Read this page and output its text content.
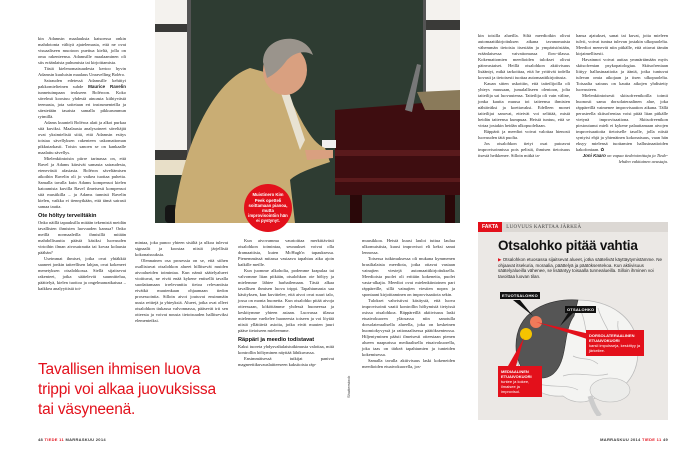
kin Adamsin maalauksia katsoessa onkin mahdotonta välttyä ajatelemasta, että ne ovat visuaaliseen muotoon puettua kieltä, jolla on oma rakenteensa. Adamsille maalaaminen oli siis eräänlaista puhumista tai kirjoittamista.

Tästä kielenomaisuudesta kertoo hyvin Adamsin kuuluisin maalaus Unravelling Boléro.

Sairauden edetessä Adamsille kehittyi pakkomielteinen suhde Maurice Ravelin tunnetuimpaan teokseen Boléroon. Koko sävelmä koostuu yhdestä ainoasta kiihtyvästä teemasta, jota soitetaan eri instrumenteilla ja säestetään tasaista samalla pikkurummun rytmillä.

Adams kuunteli Boléroa alati ja alkoi purkaa sitä kuviksi. Maalausta analysoineet säveltäjät ovat yksimielisiä siitä, että Adamsin esitys toistaa sävellyksen rakenteen uskomattoman pikkutarkasti. Toisin sanoen se on kankaalle maalattu sävellys.

Mielenkiintoisin piirre tarinassa on, että Ravel ja Adams kärsivät samasta sairaudesta, etenevästä afasiasta. Boléron säveltämisen aikoihin Ravelin oli jo vaikea tuottaa puhetta. Samalla tavalla kuin Adams kompensoi kielen katoamista kuvilla Ravel ilmeisesti kompensoi sitä musiikilla – ja Adams tunnisti Ravelin kielen, vaikka ei tiennytkään, että tämä sairasti samaa tautia.

Ote höltyy terveiltäkin

Onko näillä tapauksilla mitään tekemistä meidän tavallisten ihmisten luovuuden kanssa? Onko meillä normaaleilla ihmisillä mitään mahdollisuutta päästä käsiksi luovuuden virtoihin ilman aivosairautta tai kovaa kolausta päähän?

Useimmat ihmiset, jotka ovat yhtäkkiä saaneet jonkin taiteellisen lahjan, ovat kokeneet menetyksen otsalohkossa. Siellä sijaitsevat rakenteet, jotka säätelevät suunnittelua, päättelyä, kielen tuottoa ja ongelmanratkaisua – kaikkea analyyttistä toi-

Muistinero Kim Peek opetteli soittamaan pianoa, mutta improvisointiin hän ei pystynyt.

mintaa, joka punoo yhteen sisältä ja ulkoa tulevat signaalit ja koostaa niistä järjellisiä kokonaisuuksia.

Olennainen osa prosessia on se, että siihen osallistuvat otsalohkon alueet hillitsevät muiden aivoalueiden toimintaa. Kun nämä säätelyalueet vioittuvat, ne eivät enää kykene entisellä tavalla suodattamaan irrelevanttia tietoa relevantista eivätkä muutenkaan ohjaamaan tiedon prosessointia. Silloin aivot joutuvat ensimmäin uusia reittejä ja yhteyksiä. Alueet, jotka ovat olleet otsalohkon tiukassa valvonnassa, pääsevät irti sen otteesta ja voivat nousta tietoisuuden hallitseviksi elementeiksi.

Kun aivovamma vaurioittaa merkittävästi otsalohkon toimintaa, seuraukset voivat olla dramaattisia, kuten McHugh'n tapauksessa. Pienemmässä mitassa vastaava tapahtuu aika ajoin kaikille meille.

Kun juomme alkoholia, podemme krapulaa tai valvomme liian pitkään, otsalohkon ote höltyy ja mielemme lähtee harhailemaan. Tästä alkaa tavallisen ihmisen luova trippi. Tapahtumasta saa käsityksen, kun kuvittelee, että aivot ovat suuri talo, jossa on monta huonetta. Kun otsalohko pitää aivoja otteessaan, kököttämme yhdessä huoneessa ja keskitymme yhteen asiaan. Luovassa tilassa mielemme vaeltelee huoneesta toiseen ja voi löytää niistä yllättäviä asioita, jotka eivät muuten juuri pääse tietoiseen mieleemme.

Räppäri ja meedio todistavat

Kaksi tuoreta yhdysvaltalaistutkimusta valottaa, mitä kontrollin höltyminen näyttää lähikuvassa.

Ensimmäisessä tutkijat panivat magneettikuvauslaitteeseen kaksitoista räp-

Shutterstock

muusikkoa. Heistä kuusi lauloi tuttua laulua ulkomuistista, kuusi improvisoi eli keksi sanat lennossa.

Toisessa tutkimuksessa oli mukana kymmenen brasilialaista meediota, jotka ottavat vastaan vainajien viestejä automaattikirjoituksella. Meedioista puolet oli erittäin kokeneita, puolet vasta-alkajia. Meediot ovat mielenkiintoinen pari räppäreille, sillä vainajien viestien nopea ja spontaani kirjoittaminen on improvisaatiota sekin.

Tulokset vahvistivat käsitystä, että luova improvisointi vaatii kontrollin höltymistä tietyissä osissa otsalohkoa. Räppäreillä aktiivisuus laski etuaivokuoren yläosassa niin sanotulla dorsolateraalisella alueella, joka on keskeinen huomiokyvyssä ja rationaalisessa päätöksenteossa. Hiljentyminen päästi ilmeisesti otteestaan pienen alueen naapurissa mediaalisella etuaivokuorella, joka taas on tärkeä tapahtumien ja tunteiden kokemisessa.

Samalla tavalla aktiivisuus laski kokeneiden meedioiden etuaivokuorella, jos-

kin toisilla alueilla. Siltä meediotkin olivat automaattikirjoituksen aikana tavanomaista vähemmän tietoisia itsestään ja ympäristöstään, eräänlaisessa vaivattomassa flow-tilassa. Kokemattomien meedioiden tulokset olivat päinvastaiset. Heillä otsalohkon aktiivisuus lisääntyi, mikä tarkoittaa, että he yrittivät todella kovasti ja tietoisesti tuottaa automaattikirjoitusta.

Kauan sitten uskottiin, että taiteilijoilla oli yhteys muusaan, jumalalliseen olentoon, jolta taiteilija sai luovuutensa. Taiteilija oli vain väline, jonka kautta muusa toi taiteensa ihmisten nähtäväksi ja koettavaksi. Edelleen monet taiteilijat sanovat, etteivät voi selittää, mistä heidän taiteensa kumpuaa. Heistä tuntuu, että se virtaa jostakin heidän ulkopuoleltaan.

Räppärit ja meediot voivat valottaa hienosti luovuuden tätä puolta.

Jos otsalohkon tietyt osat putoavat improvisoinnissa pois pelistä, ihmisen tietoisuus itsestä heikkenee. Silloin mitkä ta-

hansa ajatukset, sanat tai kuvat, joita mieleen tulvii, voivat tuntua tulevan jostakin ulkopuolelta. Meediot menevät niin pitkälle, että ottavat tämän kirjaimellisesti.

Havainnot voivat auttaa ymmärtämään myös skitsofrenian psykopatologiaa. Skitsofreniaan liittyy hallusinaatioita ja ääniä, jotka tuntuvat tulevan omia aikojaan ja itsen ulkopuolelta. Toisaalta sairaus on kautta aikojen yhdistetty luovuuteen.

Mielenkiintoisesti skitsofreenikoilla toimii huonosti sama dorsolateraalinen alue, joka räppäreillä vaimenee improvisaation aikana. Tällä perusteella skitsofreniaa voisi pitää liian pitkälle vietynä improvisaationa. Skitsofreenikon pirstoutunut mieli ei kykene palauttamaan aivojen improvisaatioita tietoiselle tasolle, jolla niistä syntyisi ehjä ja yhtenäinen kokonaisuus, vaan hän eksyy mielensä tuottamien hallusinaatioiden kakofoniaan. ✿

Joni Kaaro on vapaa tiedetoimittaja ja Tiede-lehden vakituinen avustaja.

Tavallisen ihmisen luova trippi voi alkaa juovuksissa tai väsyneenä.
FAKTA LUOVUUS KARTTAA JÄRKEÄ
Otsalohko pitää vahtia
▶ Otsalohkon etuosassa sijaitsevat alueet, jotka säätelivät käyttäytymistämme. Ne ohjaavat itsekuria, moraalia, päättelyä ja päätöksentekoa. Kun aktiivisuus säätelyalueilla vähenee, se lisääntyy toisaalla tunnealueilla. Silloin ihminen voi tavoittaa luovan tilan.
ETUOTSALOHKO
OTSALOHKO
DORSOLATERAALINEN ETUAIVOKUORI
karsii impulsseja, keskittyy ja järkeilee.
MEDIAALINEN ETUAIVOKUORI
tuntee ja kokee, ilmaisee ja improvisoi.
48 TIEDE 11 MARRASKUU 2014	MARRASKUU 2014 TIEDE 11 49
